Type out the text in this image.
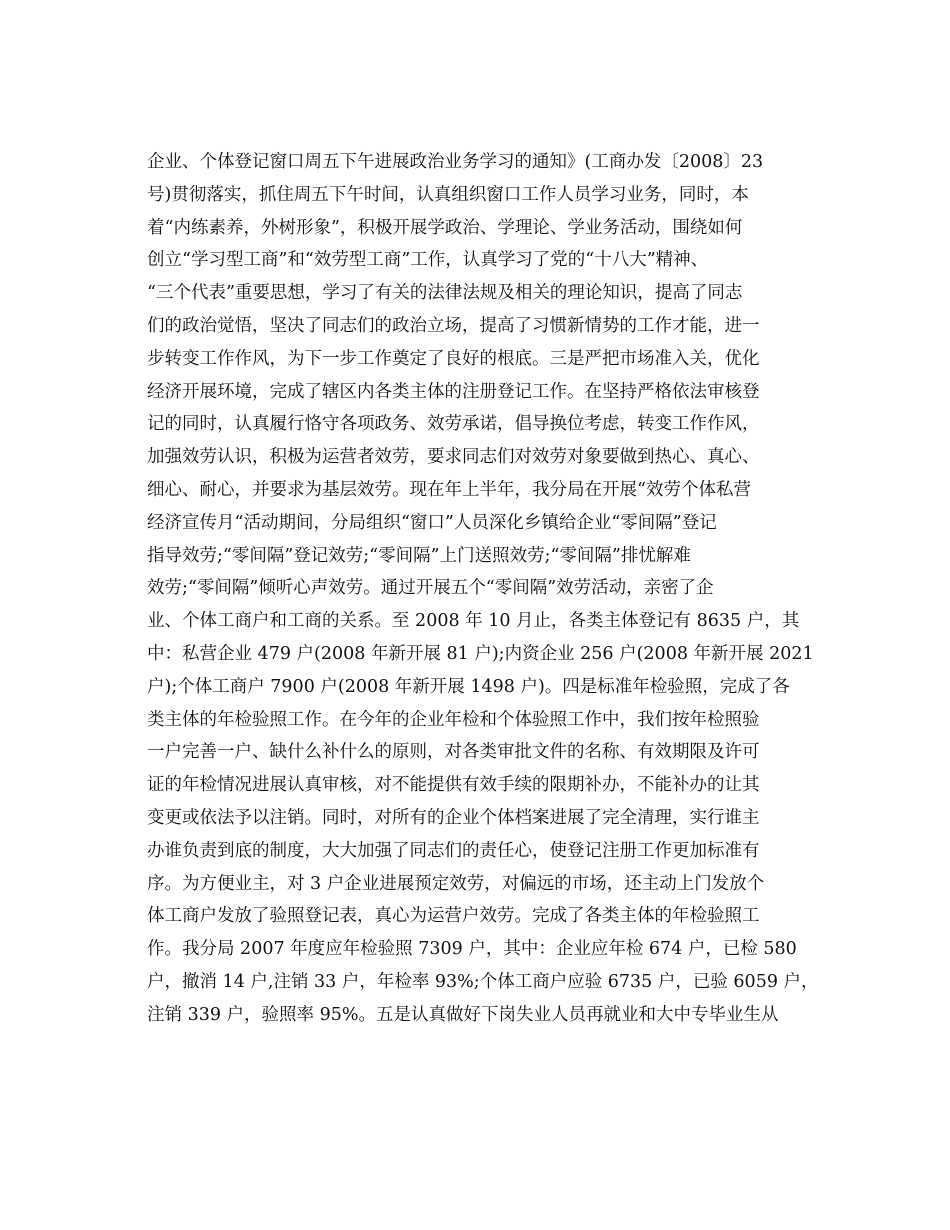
企业、个体登记窗口周五下午进展政治业务学习的通知》(工商办发〔2008〕23
号)贯彻落实，抓住周五下午时间，认真组织窗口工作人员学习业务，同时，本
着“内练素养，外树形象”，积极开展学政治、学理论、学业务活动，围绕如何
创立“学习型工商”和“效劳型工商”工作，认真学习了党的“十八大”精神、
“三个代表”重要思想，学习了有关的法律法规及相关的理论知识，提高了同志
们的政治觉悟，坚决了同志们的政治立场，提高了习惯新情势的工作才能，进一
步转变工作作风，为下一步工作奠定了良好的根底。三是严把市场准入关，优化
经济开展环境，完成了辖区内各类主体的注册登记工作。在坚持严格依法审核登
记的同时，认真履行恪守各项政务、效劳承诺，倡导换位考虑，转变工作作风，
加强效劳认识，积极为运营者效劳，要求同志们对效劳对象要做到热心、真心、
细心、耐心，并要求为基层效劳。现在年上半年，我分局在开展“效劳个体私营
经济宣传月“活动期间，分局组织“窗口”人员深化乡镇给企业“零间隔”登记
指导效劳;“零间隔”登记效劳;“零间隔”上门送照效劳;“零间隔”排忧解难
效劳;“零间隔”倾听心声效劳。通过开展五个“零间隔”效劳活动，亲密了企
业、个体工商户和工商的关系。至 2008 年 10 月止，各类主体登记有 8635 户，其
中：私营企业 479 户(2008 年新开展 81 户);内资企业 256 户(2008 年新开展 2021
户);个体工商户 7900 户(2008 年新开展 1498 户)。四是标准年检验照，完成了各
类主体的年检验照工作。在今年的企业年检和个体验照工作中，我们按年检照验
一户完善一户、缺什么补什么的原则，对各类审批文件的名称、有效期限及许可
证的年检情况进展认真审核，对不能提供有效手续的限期补办，不能补办的让其
变更或依法予以注销。同时，对所有的企业个体档案进展了完全清理，实行谁主
办谁负责到底的制度，大大加强了同志们的责任心，使登记注册工作更加标准有
序。为方便业主，对 3 户企业进展预定效劳，对偏远的市场，还主动上门发放个
体工商户发放了验照登记表，真心为运营户效劳。完成了各类主体的年检验照工
作。我分局 2007 年度应年检验照 7309 户，其中：企业应年检 674 户，已检 580
户，撤消 14 户,注销 33 户，年检率 93%;个体工商户应验 6735 户，已验 6059 户，
注销 339 户，验照率 95%。五是认真做好下岗失业人员再就业和大中专毕业生从
